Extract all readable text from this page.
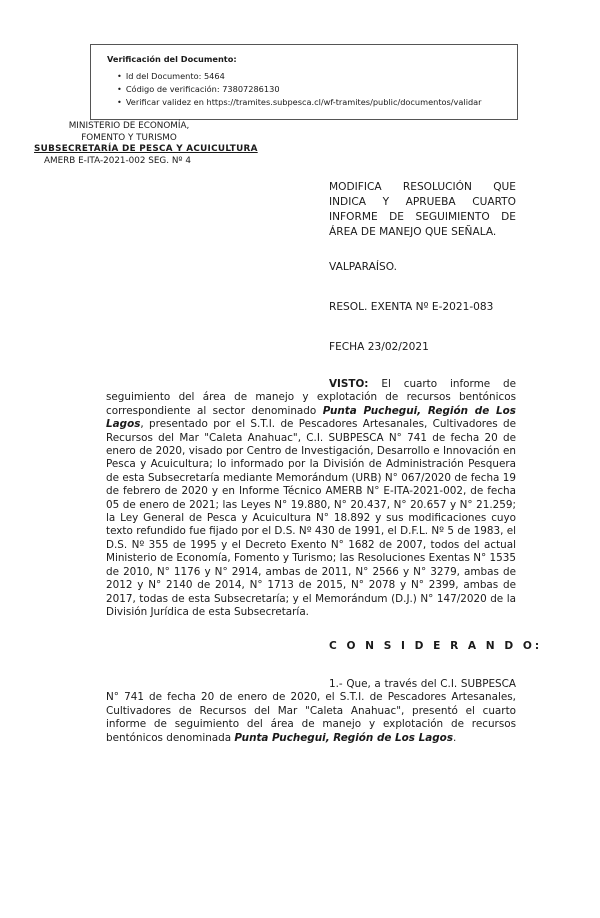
Verificación del Documento:
• Id del Documento: 5464
• Código de verificación: 73807286130
• Verificar validez en https://tramites.subpesca.cl/wf-tramites/public/documentos/validar
MINISTERIO DE ECONOMÍA,
FOMENTO Y TURISMO
SUBSECRETARÍA DE PESCA Y ACUICULTURA
AMERB E-ITA-2021-002 SEG. Nº 4
MODIFICA RESOLUCIÓN QUE INDICA Y APRUEBA CUARTO INFORME DE SEGUIMIENTO DE ÁREA DE MANEJO QUE SEÑALA.
VALPARAÍSO.
RESOL. EXENTA Nº E-2021-083
FECHA 23/02/2021
VISTO: El cuarto informe de seguimiento del área de manejo y explotación de recursos bentónicos correspondiente al sector denominado Punta Puchegui, Región de Los Lagos, presentado por el S.T.I. de Pescadores Artesanales, Cultivadores de Recursos del Mar "Caleta Anahuac", C.I. SUBPESCA N° 741 de fecha 20 de enero de 2020, visado por Centro de Investigación, Desarrollo e Innovación en Pesca y Acuicultura; lo informado por la División de Administración Pesquera de esta Subsecretaría mediante Memorándum (URB) N° 067/2020 de fecha 19 de febrero de 2020 y en Informe Técnico AMERB N° E-ITA-2021-002, de fecha 05 de enero de 2021; las Leyes N° 19.880, N° 20.437, N° 20.657 y N° 21.259; la Ley General de Pesca y Acuicultura N° 18.892 y sus modificaciones cuyo texto refundido fue fijado por el D.S. Nº 430 de 1991, el D.F.L. Nº 5 de 1983, el D.S. Nº 355 de 1995 y el Decreto Exento N° 1682 de 2007, todos del actual Ministerio de Economía, Fomento y Turismo; las Resoluciones Exentas N° 1535 de 2010, N° 1176 y N° 2914, ambas de 2011, N° 2566 y N° 3279, ambas de 2012 y N° 2140 de 2014, N° 1713 de 2015, N° 2078 y N° 2399, ambas de 2017, todas de esta Subsecretaría; y el Memorándum (D.J.) N° 147/2020 de la División Jurídica de esta Subsecretaría.
C O N S I D E R A N D O:
1.- Que, a través del C.I. SUBPESCA N° 741 de fecha 20 de enero de 2020, el S.T.I. de Pescadores Artesanales, Cultivadores de Recursos del Mar "Caleta Anahuac", presentó el cuarto informe de seguimiento del área de manejo y explotación de recursos bentónicos denominada Punta Puchegui, Región de Los Lagos.
